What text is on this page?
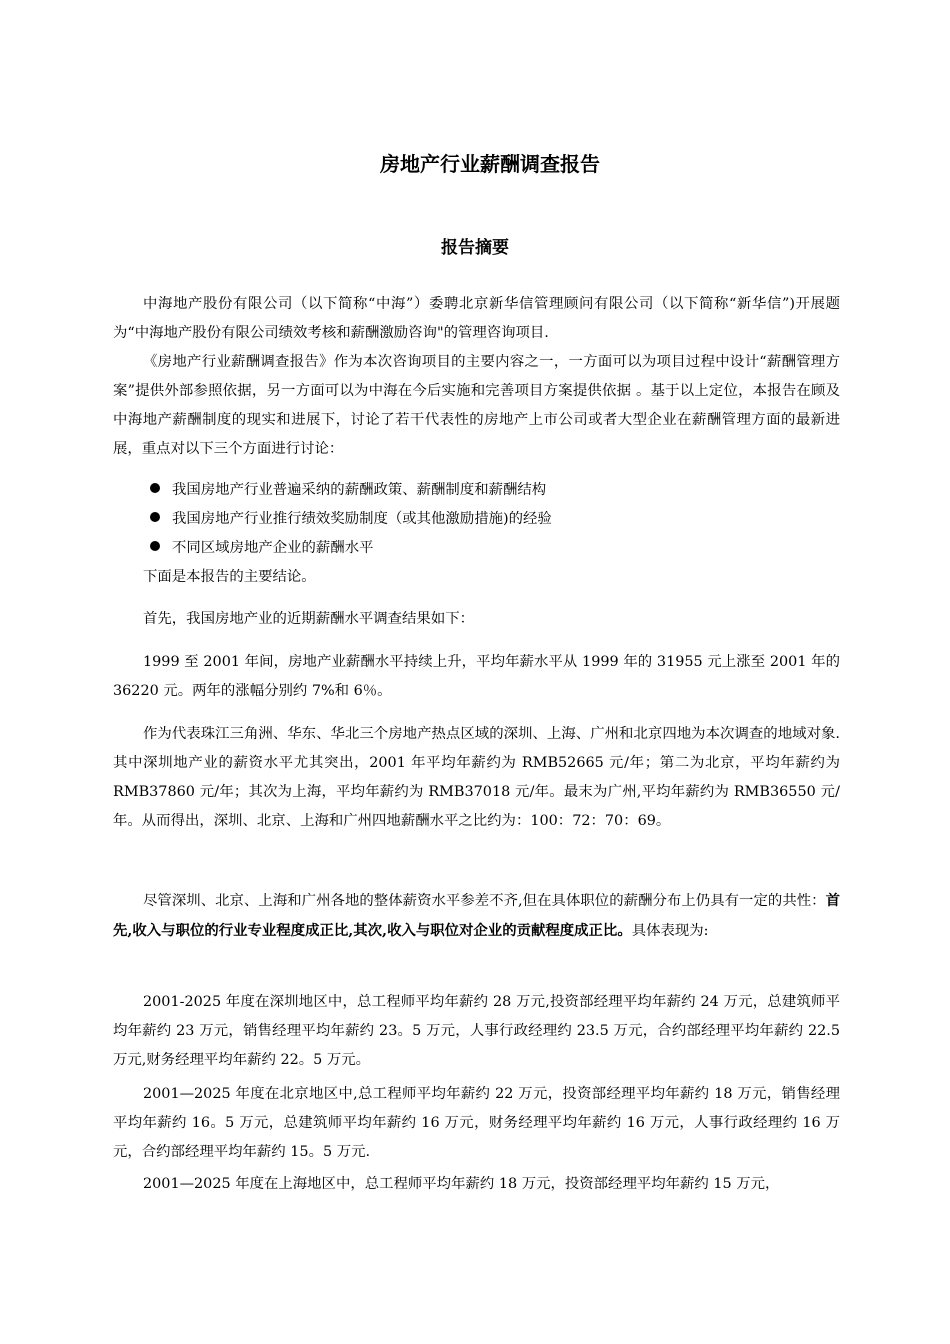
房地产行业薪酬调查报告
报告摘要
中海地产股份有限公司（以下简称“中海”）委聘北京新华信管理顾问有限公司（以下简称“新华信”)开展题为“中海地产股份有限公司绩效考核和薪酬激励咨询"的管理咨询项目.
《房地产行业薪酬调查报告》作为本次咨询项目的主要内容之一，一方面可以为项目过程中设计“薪酬管理方案”提供外部参照依据，另一方面可以为中海在今后实施和完善项目方案提供依据 。基于以上定位，本报告在顾及中海地产薪酬制度的现实和进展下，讨论了若干代表性的房地产上市公司或者大型企业在薪酬管理方面的最新进展，重点对以下三个方面进行讨论：
我国房地产行业普遍采纳的薪酬政策、薪酬制度和薪酬结构
我国房地产行业推行绩效奖励制度（或其他激励措施)的经验
不同区域房地产企业的薪酬水平
下面是本报告的主要结论。
首先，我国房地产业的近期薪酬水平调查结果如下：
1999 至 2001 年间，房地产业薪酬水平持续上升，平均年薪水平从 1999 年的 31955 元上涨至 2001 年的 36220 元。两年的涨幅分别约 7%和 6％。
作为代表珠江三角洲、华东、华北三个房地产热点区域的深圳、上海、广州和北京四地为本次调查的地域对象.其中深圳地产业的薪资水平尤其突出，2001 年平均年薪约为 RMB52665 元/年；第二为北京，平均年薪约为 RMB37860 元/年；其次为上海，平均年薪约为 RMB37018 元/年。最末为广州,平均年薪约为 RMB36550 元/年。从而得出，深圳、北京、上海和广州四地薪酬水平之比约为：100：72：70：69。
尽管深圳、北京、上海和广州各地的整体薪资水平参差不齐,但在具体职位的薪酬分布上仍具有一定的共性：首先,收入与职位的行业专业程度成正比,其次,收入与职位对企业的贡献程度成正比。具体表现为:
2001-2025 年度在深圳地区中，总工程师平均年薪约 28 万元,投资部经理平均年薪约 24 万元，总建筑师平均年薪约 23 万元，销售经理平均年薪约 23。5 万元，人事行政经理约 23.5 万元，合约部经理平均年薪约 22.5 万元,财务经理平均年薪约 22。5 万元。
2001—2025 年度在北京地区中,总工程师平均年薪约 22 万元，投资部经理平均年薪约 18 万元，销售经理平均年薪约 16。5 万元，总建筑师平均年薪约 16 万元，财务经理平均年薪约 16 万元，人事行政经理约 16 万元，合约部经理平均年薪约 15。5 万元.
2001—2025 年度在上海地区中，总工程师平均年薪约 18 万元，投资部经理平均年薪约 15 万元，
